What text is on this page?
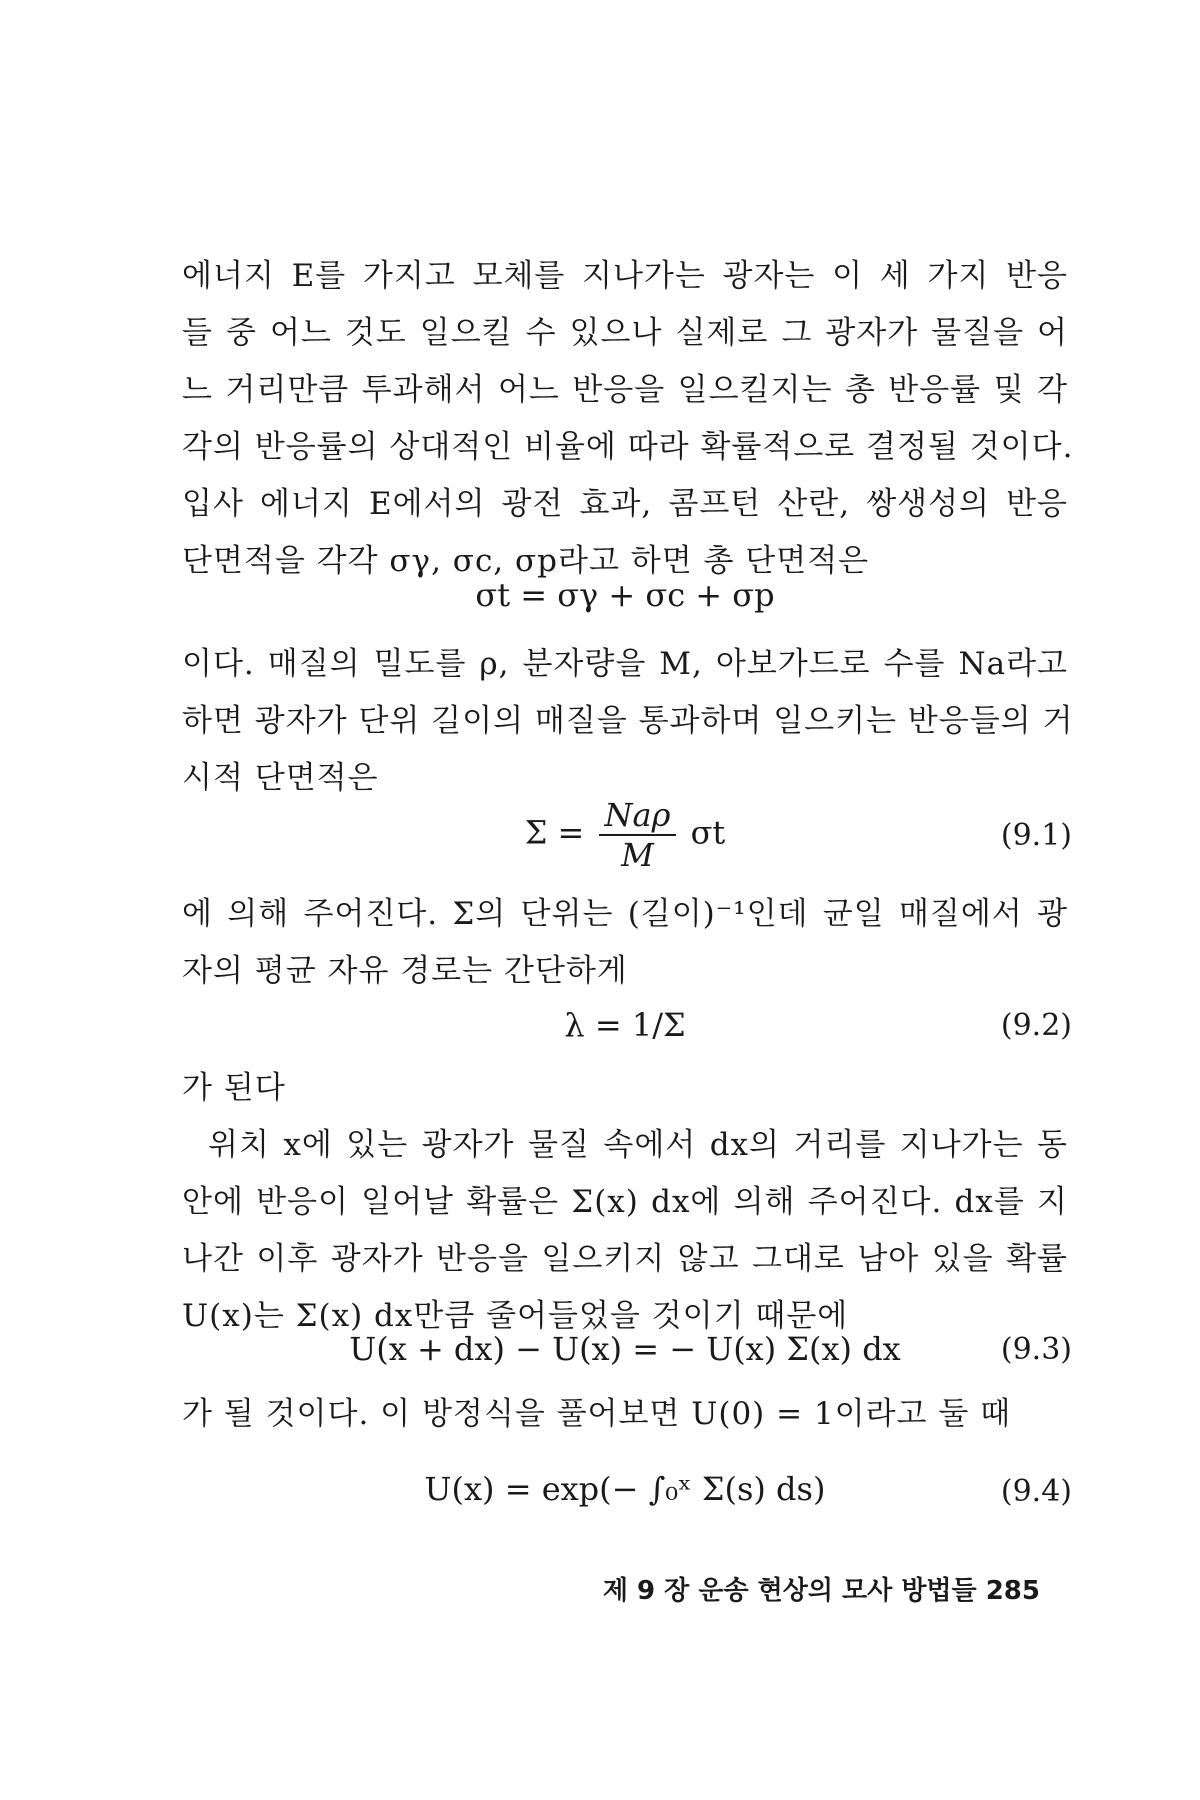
에너지 E를 가지고 모체를 지나가는 광자는 이 세 가지 반응

들 중 어느 것도 일으킬 수 있으나 실제로 그 광자가 물질을 어

느 거리만큼 투과해서 어느 반응을 일으킬지는 총 반응률 및 각

각의 반응률의 상대적인 비율에 따라 확률적으로 결정될 것이다.

입사 에너지 E에서의 광전 효과, 콤프턴 산란, 쌍생성의 반응

단면적을 각각 σγ, σc, σp라고 하면 총 단면적은

σt = σγ + σc + σp

이다. 매질의 밀도를 ρ, 분자량을 M, 아보가드로 수를 Na라고

하면 광자가 단위 길이의 매질을 통과하며 일으키는 반응들의 거

시적 단면적은

$\Sigma = \frac{\text{Naρ}}{M}$ σt	(9.1)

에 의해 주어진다. Σ의 단위는 (길이)⁻¹인데 균일 매질에서 광

자의 평균 자유 경로는 간단하게

λ = 1/Σ	(9.2)

가 된다

위치 x에 있는 광자가 물질 속에서 dx의 거리를 지나가는 동

안에 반응이 일어날 확률은 Σ(x) dx에 의해 주어진다. dx를 지

나간 이후 광자가 반응을 일으키지 않고 그대로 남아 있을 확률

U(x)는 Σ(x) dx만큼 줄어들었을 것이기 때문에

U(x + dx) − U(x) = − U(x) Σ(x) dx	(9.3)

가 될 것이다. 이 방정식을 풀어보면 U(0) = 1이라고 둘 때

U(x) = exp(− ∫₀ˣ Σ(s) ds)	(9.4)
제 9 장 운송 현상의 모사 방법들 285
